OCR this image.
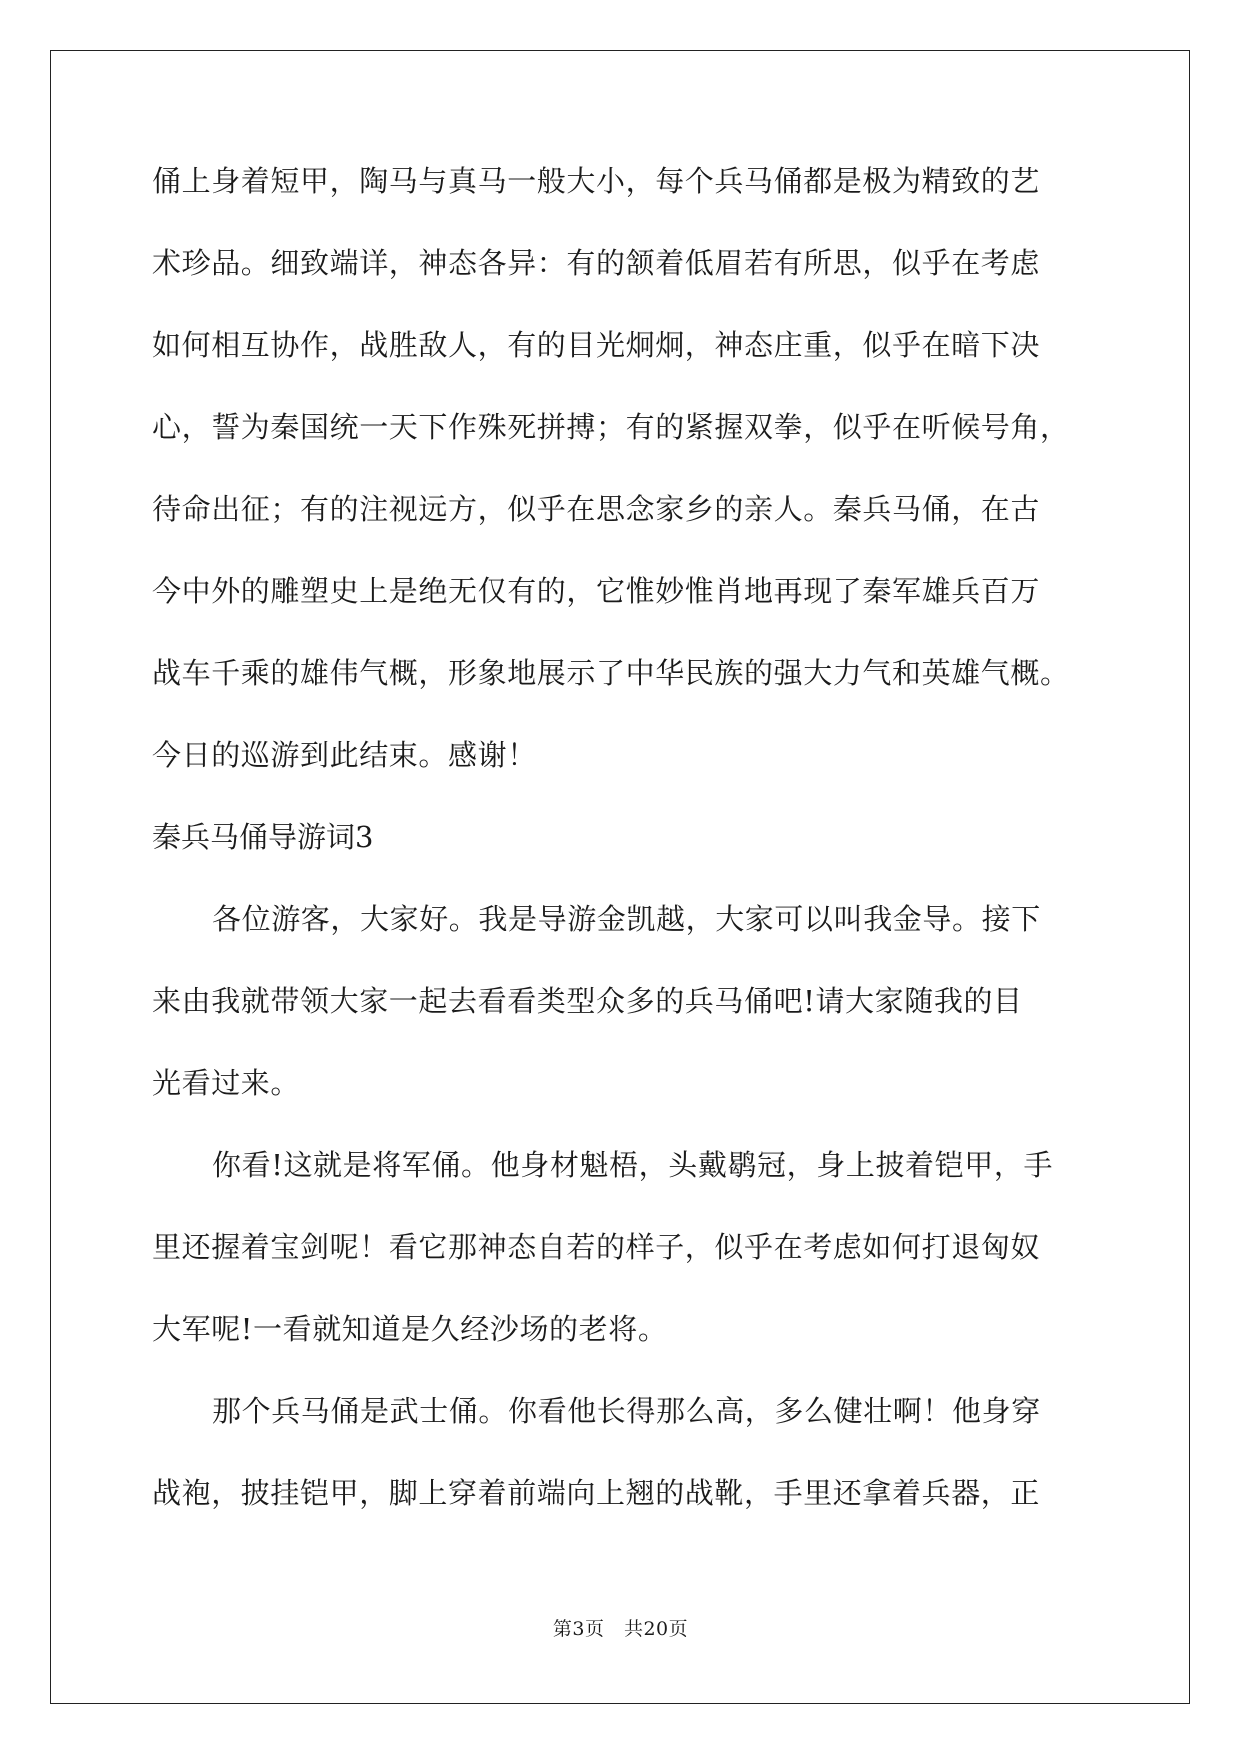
俑上身着短甲，陶马与真马一般大小，每个兵马俑都是极为精致的艺
术珍品。细致端详，神态各异：有的颔着低眉若有所思，似乎在考虑
如何相互协作，战胜敌人，有的目光炯炯，神态庄重，似乎在暗下决
心，誓为秦国统一天下作殊死拼搏；有的紧握双拳，似乎在听候号角，
待命出征；有的注视远方，似乎在思念家乡的亲人。秦兵马俑，在古
今中外的雕塑史上是绝无仅有的，它惟妙惟肖地再现了秦军雄兵百万
战车千乘的雄伟气概，形象地展示了中华民族的强大力气和英雄气概。
今日的巡游到此结束。感谢！
秦兵马俑导游词3
各位游客，大家好。我是导游金凯越，大家可以叫我金导。接下
来由我就带领大家一起去看看类型众多的兵马俑吧!请大家随我的目
光看过来。
你看!这就是将军俑。他身材魁梧，头戴鹖冠，身上披着铠甲，手
里还握着宝剑呢！看它那神态自若的样子，似乎在考虑如何打退匈奴
大军呢!一看就知道是久经沙场的老将。
那个兵马俑是武士俑。你看他长得那么高，多么健壮啊！他身穿
战袍，披挂铠甲，脚上穿着前端向上翘的战靴，手里还拿着兵器，正
第3页　共20页
